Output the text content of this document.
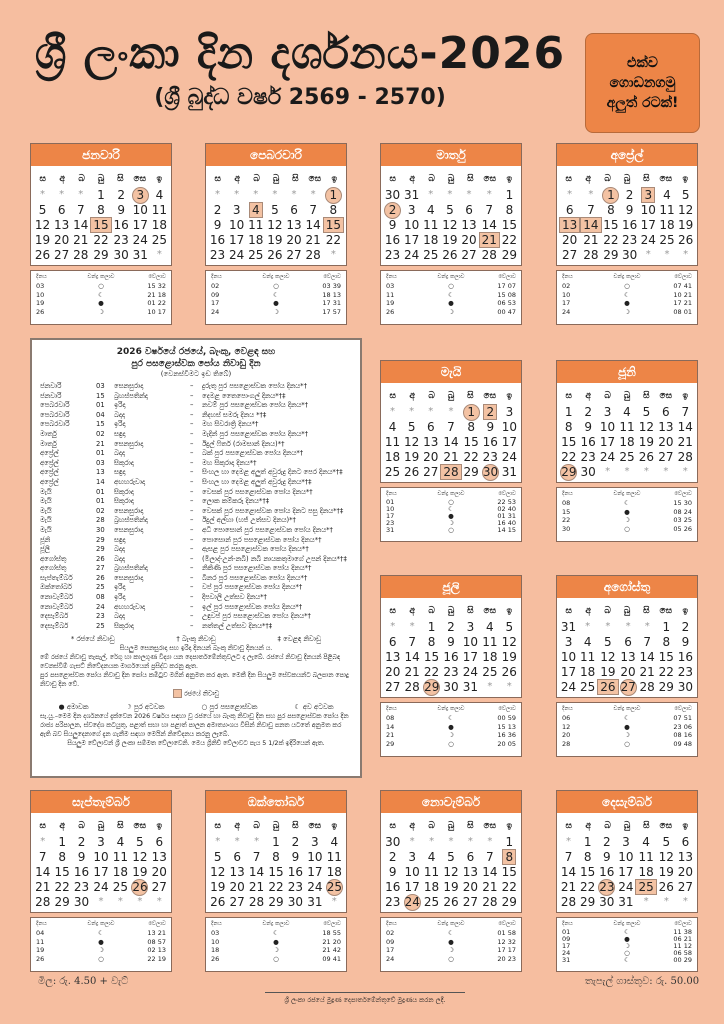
ශ්‍රී ලංකා දින දර්ශනය-2026
(ශ්‍රී බුද්ධ වර්ෂ 2569 - 2570)
එක්ව
ගොඩනගමු
අලුත් රටක්!
ජනවාරි
ස	අ	බ	බු	සි	සෙ	ඉ
*	*	*	1	2 3 4
5 6 7	8	9 10 11
12 13 14 15 16 17 18
19 20 21 22 23 24 25
26 27 28 29 30 31 *
දිනය	චන්ද්‍ර කලාව	වේලාව
03	○	15 32
10	☾	21 18
19	●	01 22
26	☽	10 17
පෙබරවාරි
ස	අ	බ	බු	සි	සෙ	ඉ
*	*	*	*	*	*	1
2 3 4 5 6 7	8
9 10 11 12 13 14 15
16 17 18 19 20 21 22
23 24 25 26 27 28	*
දිනය	චන්ද්‍ර කලාව	වේලාව
02	○	03 39
09	☾	18 13
17	●	17 31
24	☽	17 57
මාර්තු
ස	අ	බ	බු	සි	සෙ	ඉ
30 31 *	*	*	*	1
2 3 4 5 6	7	8
9 10 11 12 13 14 15
16 17 18 19 20 21 22
23 24 25 26 27 28 29
දිනය	චන්ද්‍ර කලාව	වේලාව
03	○	17 07
11	☾	15 08
19	●	06 53
26	☽	00 47
අප්‍රේල්
ස	අ	බ	බු	සි	සෙ	ඉ
*	*	1 2 3 4 5
6	7	8 9 10 11 12
13 14 15 16 17 18 19
20 21 22 23 24 25 26
27 28 29 30 *	*	*
දිනය	චන්ද්‍ර කලාව	වේලාව
02	○	07 41
10	☾	10 21
17	●	17 21
24	☽	08 01
මැයි
ස	අ	බ	බු	සි	සෙ	ඉ
*	*	*	*	1 2 3
4 5 6	7	8 9 10
11 12 13 14 15 16 17
18 19 20 21 22 23 24
25 26 27 28 29 30 31
දිනය	චන්ද්‍ර කලාව	වේලාව
01	○	22 53
10	☾	02 40
17	●	01 31
23	☽	16 40
31	○	14 15
ජූනි
ස	අ	බ	බු	සි	සෙ	ඉ
1 2 3 4 5 6 7
8 9 10 11 12 13 14
15 16 17 18 19 20 21
22 23 24 25 26 27 28
29 30 *	*	*	*	*
දිනය	චන්ද්‍ර කලාව	වේලාව
08	☾	15 30
15	●	08 24
22	☽	03 25
30	○	05 26
ජූලි
ස	අ	බ	බු	සි	සෙ	ඉ
*	*	1 2 3 4 5
6 7 8 9 10 11 12
13 14 15 16 17 18 19
20 21 22 23 24 25 26
27 28 29 30 31 *	*
දිනය	චන්ද්‍ර කලාව	වේලාව
08	☾	00 59
14	●	15 13
21	☽	16 36
29	○	20 05
අගෝස්තු
ස	අ	බ	බු	සි	සෙ	ඉ
31 *	*	*	*	1 2
3 4	5	6 7 8 9
10 11 12 13 14 15 16
17 18 19 20 21 22 23
24 25 26 27 28 29 30
දිනය	චන්ද්‍ර කලාව	වේලාව
06	☾	07 51
12	●	23 06
20	☽	08 16
28	○	09 48
සැප්තැම්බර්
ස	අ	බ	බු	සි	සෙ	ඉ
*	1 2 3 4 5 6
7 8 9 10 11 12 13
14 15 16 17 18 19 20
21 22 23 24 25 26 27
28 29 30 *	*	*	*
දිනය	චන්ද්‍ර කලාව	වේලාව
04	☾	13 21
11	●	08 57
19	☽	02 13
26	○	22 19
ඔක්තෝබර්
ස	අ	බ	බු	සි	සෙ	ඉ
*	*	*	1 2 3 4
5 6 7 8 9 10 11
12 13 14 15 16 17 18
19 20 21 22 23 24 25
26 27 28 29 30 31 *
දිනය	චන්ද්‍ර කලාව	වේලාව
03	☾	18 55
10	●	21 20
18	☽	21 42
26	○	09 41
නොවැම්බර්
ස	අ	බ	බු	සි	සෙ	ඉ
30 *	*	*	*	*	1
2 3 4 5 6 7 8
9 10 11 12 13 14 15
16 17 18 19 20 21 22
23 24 25 26 27 28 29
දිනය	චන්ද්‍ර කලාව	වේලාව
02	☾	01 58
09	●	12 32
17	☽	17 17
24	○	20 23
දෙසැම්බර්
ස	අ	බ	බු	සි	සෙ	ඉ
*	1 2 3	4	5 6
7 8 9 10 11 12 13
14 15 16 17 18 19 20
21 22 23 24 25 26 27
28 29 30 31	*	*	*
දිනය	චන්ද්‍ර කලාව	වේලාව
01	☾	11 38
09	●	06 21
17	☽	11 12
24	○	06 58
31	☾	00 29
2026 වර්ෂයේ රජයේ, බැංකු, වෙළඳ සහ
පුර පසළොස්වක පෝය නිවාඩු දින
(වෙනස්වීමට ඉඩ තිබේ)
ජනවාරි	03	සෙනසුරාදා	–	දුරුතු පුර පසළොස්වක පෝය දිනය*†
ජනවාරි	15	බ්‍රහස්පතින්දා	–	දෙමළ තෛපොංගල් දිනය*†‡
පෙබරවාරි	01	ඉරිදා	–	නවම් පුර පසළොස්වක පෝය දිනය*†
පෙබරවාරි	04	බදාදා	–	නිදහස් සමරු දිනය *†‡
පෙබරවාරි	15	ඉරිදා	–	මහ සිවරාත්‍රි දිනය*†
මාර්තු	02	සඳුදා	–	මැදින් පුර පසළොස්වක පෝය දිනය*†
මාර්තු	21	සෙනසුරාදා	–	ඊදුල් ෆිතර් (රාමසාන් දිනය)*†
අප්‍රේල්	01	බදාදා	–	බක් පුර පසළොස්වක පෝය දිනය*†
අප්‍රේල්	03	සිකුරාදා	–	මහ සිකුරාදා දිනය*†
අප්‍රේල්	13	සඳුදා	–	සිංහල හා දෙමළ අලුත් අවුරුදු දිනට පෙර දිනය*†‡
අප්‍රේල්	14	අඟහරුවාදා	–	සිංහල හා දෙමළ අලුත් අවුරුදු දිනය*†‡
මැයි	01	සිකුරාදා	–	වෙසක් පුර පසළොස්වක පෝය දිනය*†
මැයි	01	සිකුරාදා	–	ලොක කම්කරු දිනය*†‡
මැයි	02	සෙනසුරාදා	–	වෙසක් පුර පසළොස්වක පෝය දිනට පසු දිනය*†‡
මැයි	28	බ්‍රහස්පතින්දා	–	ඊදුල් අල්හා (හජ් උත්සව දිනය)*†
මැයි	30	සෙනසුරාදා	–	අධි පොසොන් පුර පසළොස්වක පෝය දිනය*†
ජූනි	29	සඳුදා	–	පොසොන් පුර පසළොස්වක පෝය දිනය*†
ජූලි	29	බදාදා	–	ඇසළ පුර පසළොස්වක පෝය දිනය*†
අගෝස්තු	26	බදාදා	–	(මීලාද්-උන්-නබි) නබි නායකතුමාගේ උපන් දිනය*†‡
අගෝස්තු	27	බ්‍රහස්පතින්දා	–	නිකිණි පුර පසළොස්වක පෝය දිනය*†
සැප්තැම්බර්	26	සෙනසුරාදා	–	බිනර පුර පසළොස්වක පෝය දිනය*†
ඔක්තෝබර්	25	ඉරිදා	–	වප් පුර පසළොස්වක පෝය දිනය*†
නොවැම්බර්	08	ඉරිදා	–	දීපවාලි උත්සව දිනය*†
නොවැම්බර්	24	අඟහරුවාදා	–	ඉල් පුර පසළොස්වක පෝය දිනය*†
දෙසැම්බර්	23	බදාදා	–	උඳුවප් පුර පසළොස්වක පෝය දිනය*†
දෙසැම්බර්	25	සිකුරාදා	–	නත්තල් උත්සව දිනය*†‡
* රජයේ නිවාඩු	† බැංකු නිවාඩු	‡ වෙළඳ නිවාඩු
සියලුම සෙනසුරාදා සහ ඉරිදා දිනයන් බැංකු නිවාඩු දිනයන් ය.
මේ රජයේ නිවාඩු තැපැල්, රේගු හා කාලගුණ විද්‍යා යන දෙපාර්තමේන්තුවලට ද ලැබේ. රජයේ නිවාඩු දිනයන් පිළිබඳ වෙනස්වීම් ගැසට් නිවේදනයක මාර්ගයෙන් ප්‍රසිද්ධ කරනු ඇත.
පුර පසළොස්වක පෝය නිවාඩු දින පෝය කමිටුව මගින් අනුමත කර ඇත. මෙකී දින සියලුම සේවකයන්ට බලපාන පොදු නිවාඩු දින වේ.
රජයේ නිවාඩු
● අමාවක	☽ පුර අටවක	○ පුර පසළොස්වක	☾ අව අටවක
සැ.යු.–මෙම දින දර්ශනයේ දැක්වෙන 2026 වර්ෂය සඳහා වූ රජයේ හා බැංකු නිවාඩු දින සහ පුර පසළොස්වක පෝය දින රාජ්‍ය පරිපාලන, ස්වදේශ කටයුතු, පළාත් සභා හා පළාත් පාලන අමාත්‍යාංශය විසින් නිවාඩු පනත යටතේ අනුමත කර ඇති බව සියලුදෙනාගේ දැන ගැනීම සඳහා මෙයින් නිවේදනය කරනු ලැබේ.
සියලුම වේලාවන් ශ්‍රී ලංකා සම්මත වේලාවෙනි. මෙය ග්‍රිනිච් වේලාවට පැය 5 1/2ක් ඉදිරියෙන් ඇත.
මිල: රු. 4.50 + වැට්	තැපැල් ගාස්තුව: රු. 50.00
ශ්‍රී ලංකා රජයේ මුද්‍රණ දෙපාර්තමේන්තුවේ මුද්‍රණය කරන ලදී.
